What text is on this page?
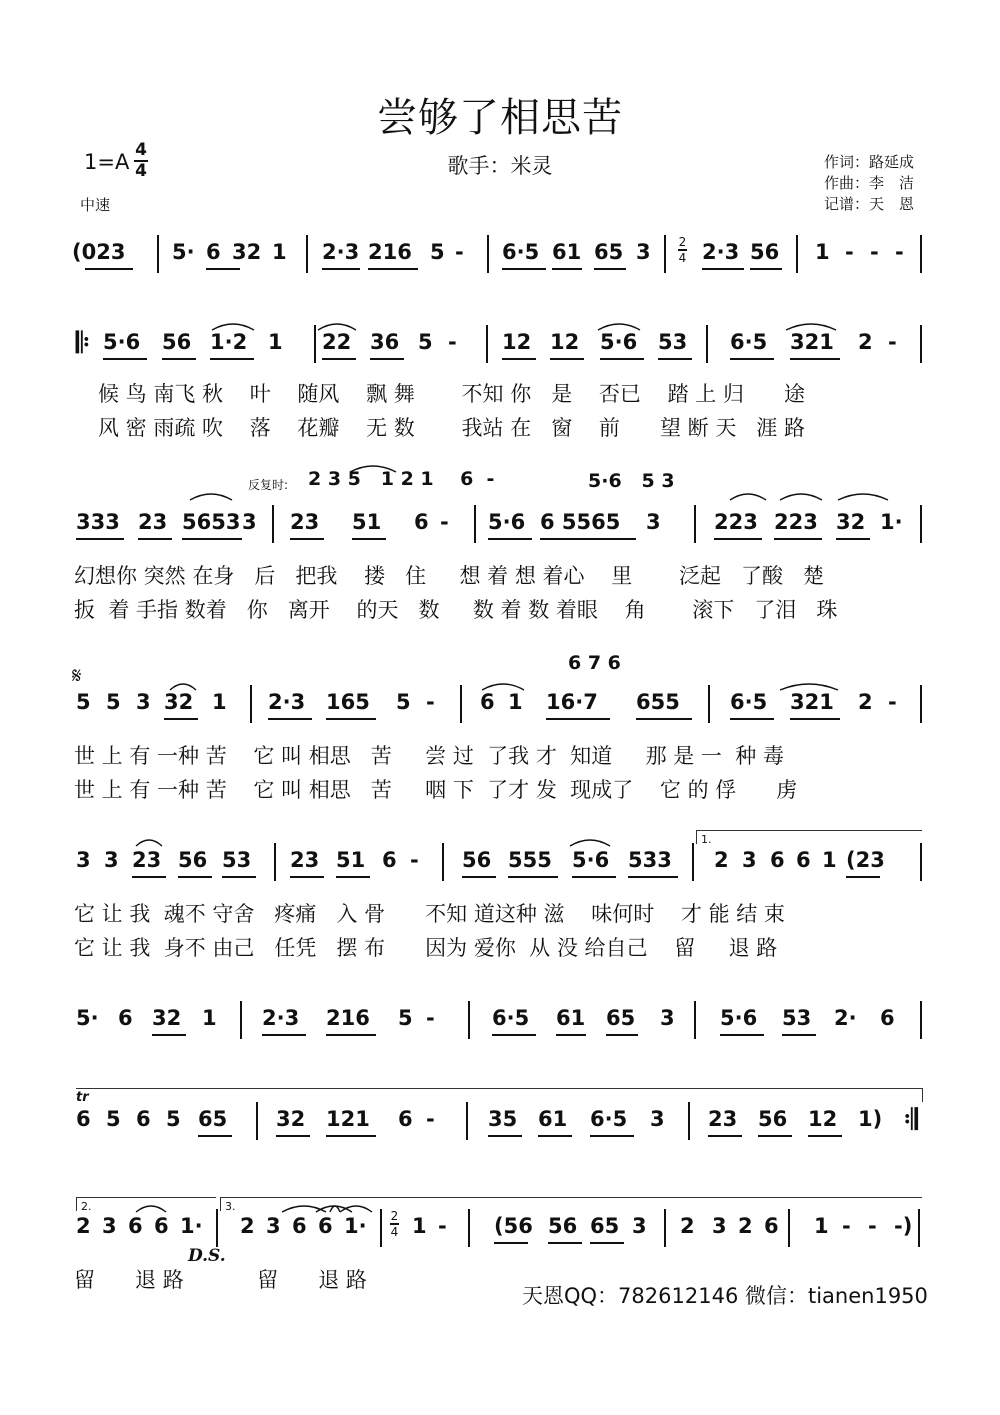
尝够了相思苦
1=A 4
4
中速
歌手：米灵	作词：路延成
作曲：李　洁
记谱：天　恩
(023 5· 6 32 1 2·3 216 5 - 6·5 61 65 3 2·3 56 1 - - -
5·6 56 1·2 1 22 36 5 - 12 12 5·6 53 6·5 321 2 -
333 23 5653 3 23 51 6 - 5·6 6 5565 3	223 223 32 1·
5 5 3 32 1 2·3 165 5 - 6 1 16·7 655 6·5 321 2 -
3 3 23 56 53 23 51 6 - 56 555 5·6 533 2 3 6 6 1 (23
5· 6 32 1 2·3 216 5 -	6·5 61 65 3 5·6 53 2· 6
6 5 6 5 65 32 121 6 -	35 61 6·5 3 23 56 12 1)
2 3 6 6 1· 2 3 6 6 1· 1 - (56 56 65 3 2 3 2 6 1 - - -)
反复时: 2 3 5   1 2 1    6  -	5·6   5 3
6 7 6
𝄋
D.S.
tr
1.
2.	3.
候 鸟 南飞 秋    叶    随风    飘 舞       不知 你   是    否已    踏 上 归      途
风 密 雨疏 吹    落    花瓣    无 数       我站 在   窗    前      望 断 天   涯 路
幻想你 突然 在身   后   把我    搂   住     想 着 想 着心    里       泛起   了酸   楚
扳  着 手指 数着   你   离开    的天   数     数 着 数 着眼    角       滚下   了泪   珠
世 上 有 一种 苦    它 叫 相思   苦     尝 过  了我 才  知道     那 是 一  种 毒
世 上 有 一种 苦    它 叫 相思   苦     咽 下  了才 发  现成了    它 的 俘      虏
它 让 我  魂不 守舍   疼痛   入 骨      不知 道这种 滋    味何时    才 能 结 束
它 让 我  身不 由己   任凭   摆 布      因为 爱你  从 没 给自己    留     退 路
留      退 路           留      退 路
天恩QQ：782612146 微信：tianen1950
𝄆
𝄇
2
4
2
4
